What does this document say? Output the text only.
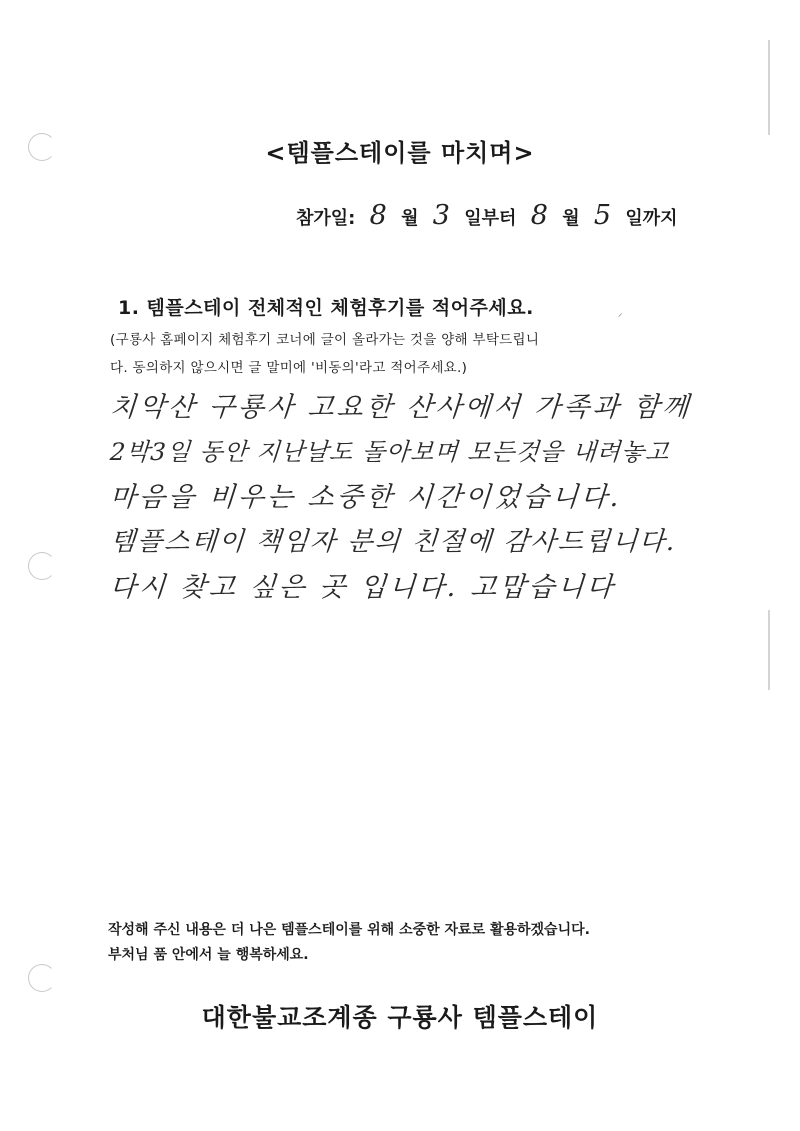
<템플스테이를 마치며>
참가일: 8 월 3 일부터 8 월 5 일까지
1. 템플스테이 전체적인 체험후기를 적어주세요.	⸝
(구룡사 홈페이지 체험후기 코너에 글이 올라가는 것을 양해 부탁드립니
다. 동의하지 않으시면 글 말미에 '비동의'라고 적어주세요.)
치악산 구룡사 고요한 산사에서 가족과 함께
2박3일 동안 지난날도 돌아보며 모든것을 내려놓고
마음을 비우는 소중한 시간이었습니다.
템플스테이 책임자 분의 친절에 감사드립니다.
다시 찾고 싶은 곳 입니다. 고맙습니다
작성해 주신 내용은 더 나은 템플스테이를 위해 소중한 자료로 활용하겠습니다.
부처님 품 안에서 늘 행복하세요.
대한불교조계종 구룡사 템플스테이
